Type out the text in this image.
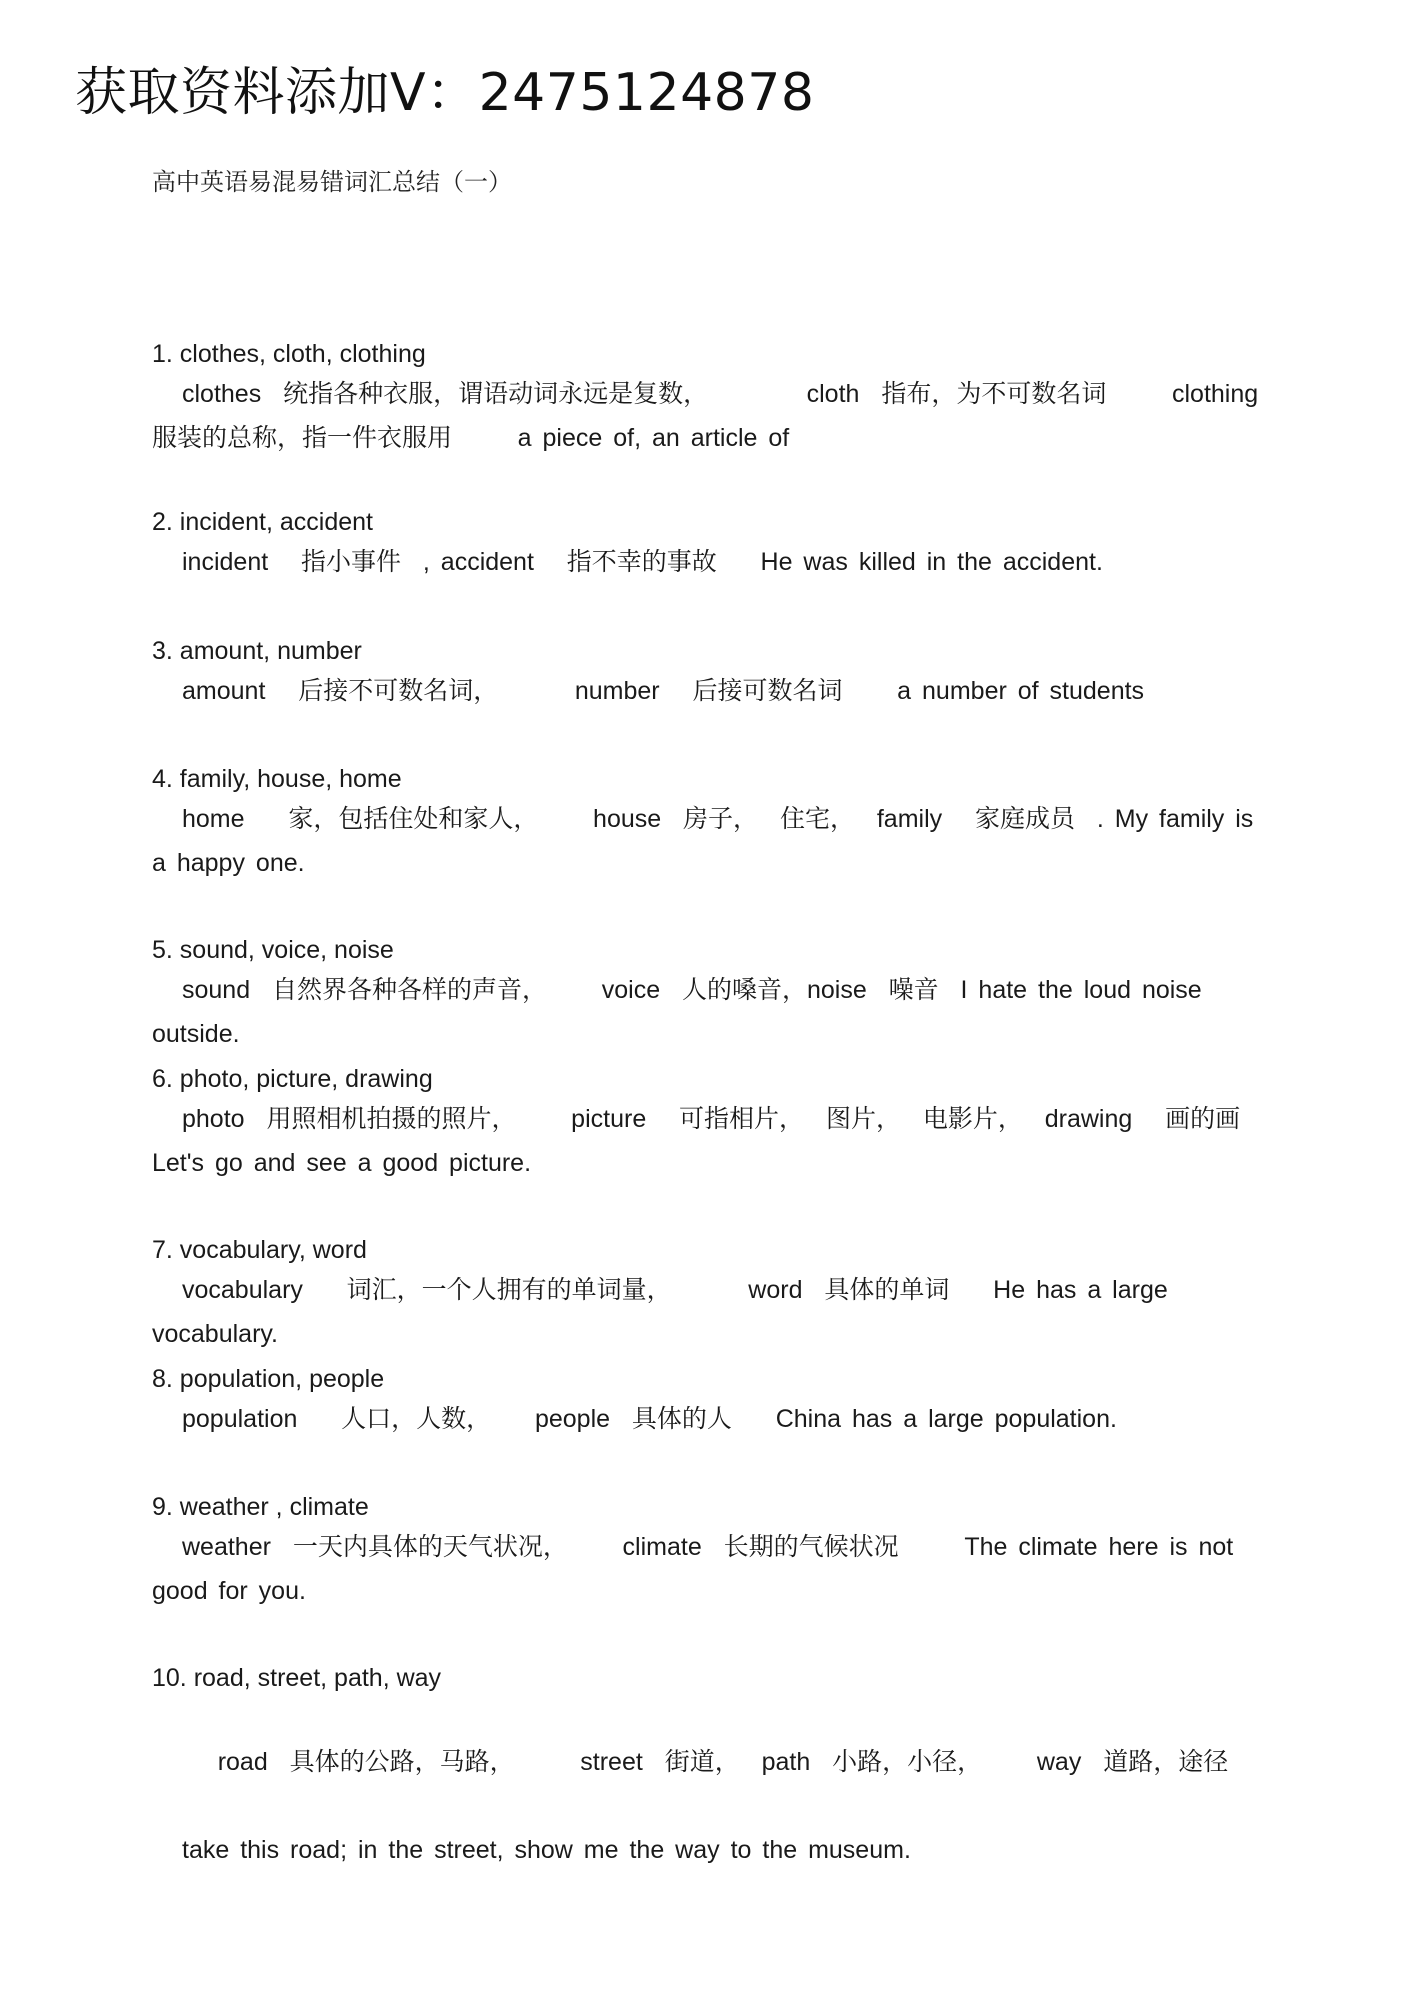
获取资料添加V：2475124878
高中英语易混易错词汇总结（一）
1. clothes, cloth, clothing
clothes  统指各种衣服，谓语动词永远是复数，         cloth  指布，为不可数名词      clothing    服装的总称，指一件衣服用      a piece of, an article of
2. incident, accident
incident   指小事件  , accident   指不幸的事故    He was killed in the accident.
3. amount, number
amount   后接不可数名词，       number   后接可数名词     a number of students
4. family, house, home
home    家，包括住处和家人，     house  房子，  住宅，  family   家庭成员  . My family is a happy one.
5. sound, voice, noise
sound  自然界各种各样的声音，     voice  人的嗓音，noise  噪音  I hate the loud noise outside.
6. photo, picture, drawing
photo  用照相机拍摄的照片，     picture   可指相片，  图片，  电影片，  drawing   画的画    Let's go and see a good picture.
7. vocabulary, word
vocabulary    词汇，一个人拥有的单词量，       word  具体的单词    He has a large vocabulary.
8. population, people
population    人口，人数，    people  具体的人    China has a large population.
9. weather , climate
weather  一天内具体的天气状况，     climate  长期的气候状况      The climate here is not good for you.
10. road, street, path, way

road  具体的公路，马路，      street  街道，  path  小路，小径，     way  道路，途径

take this road; in the street, show me the way to the museum.
